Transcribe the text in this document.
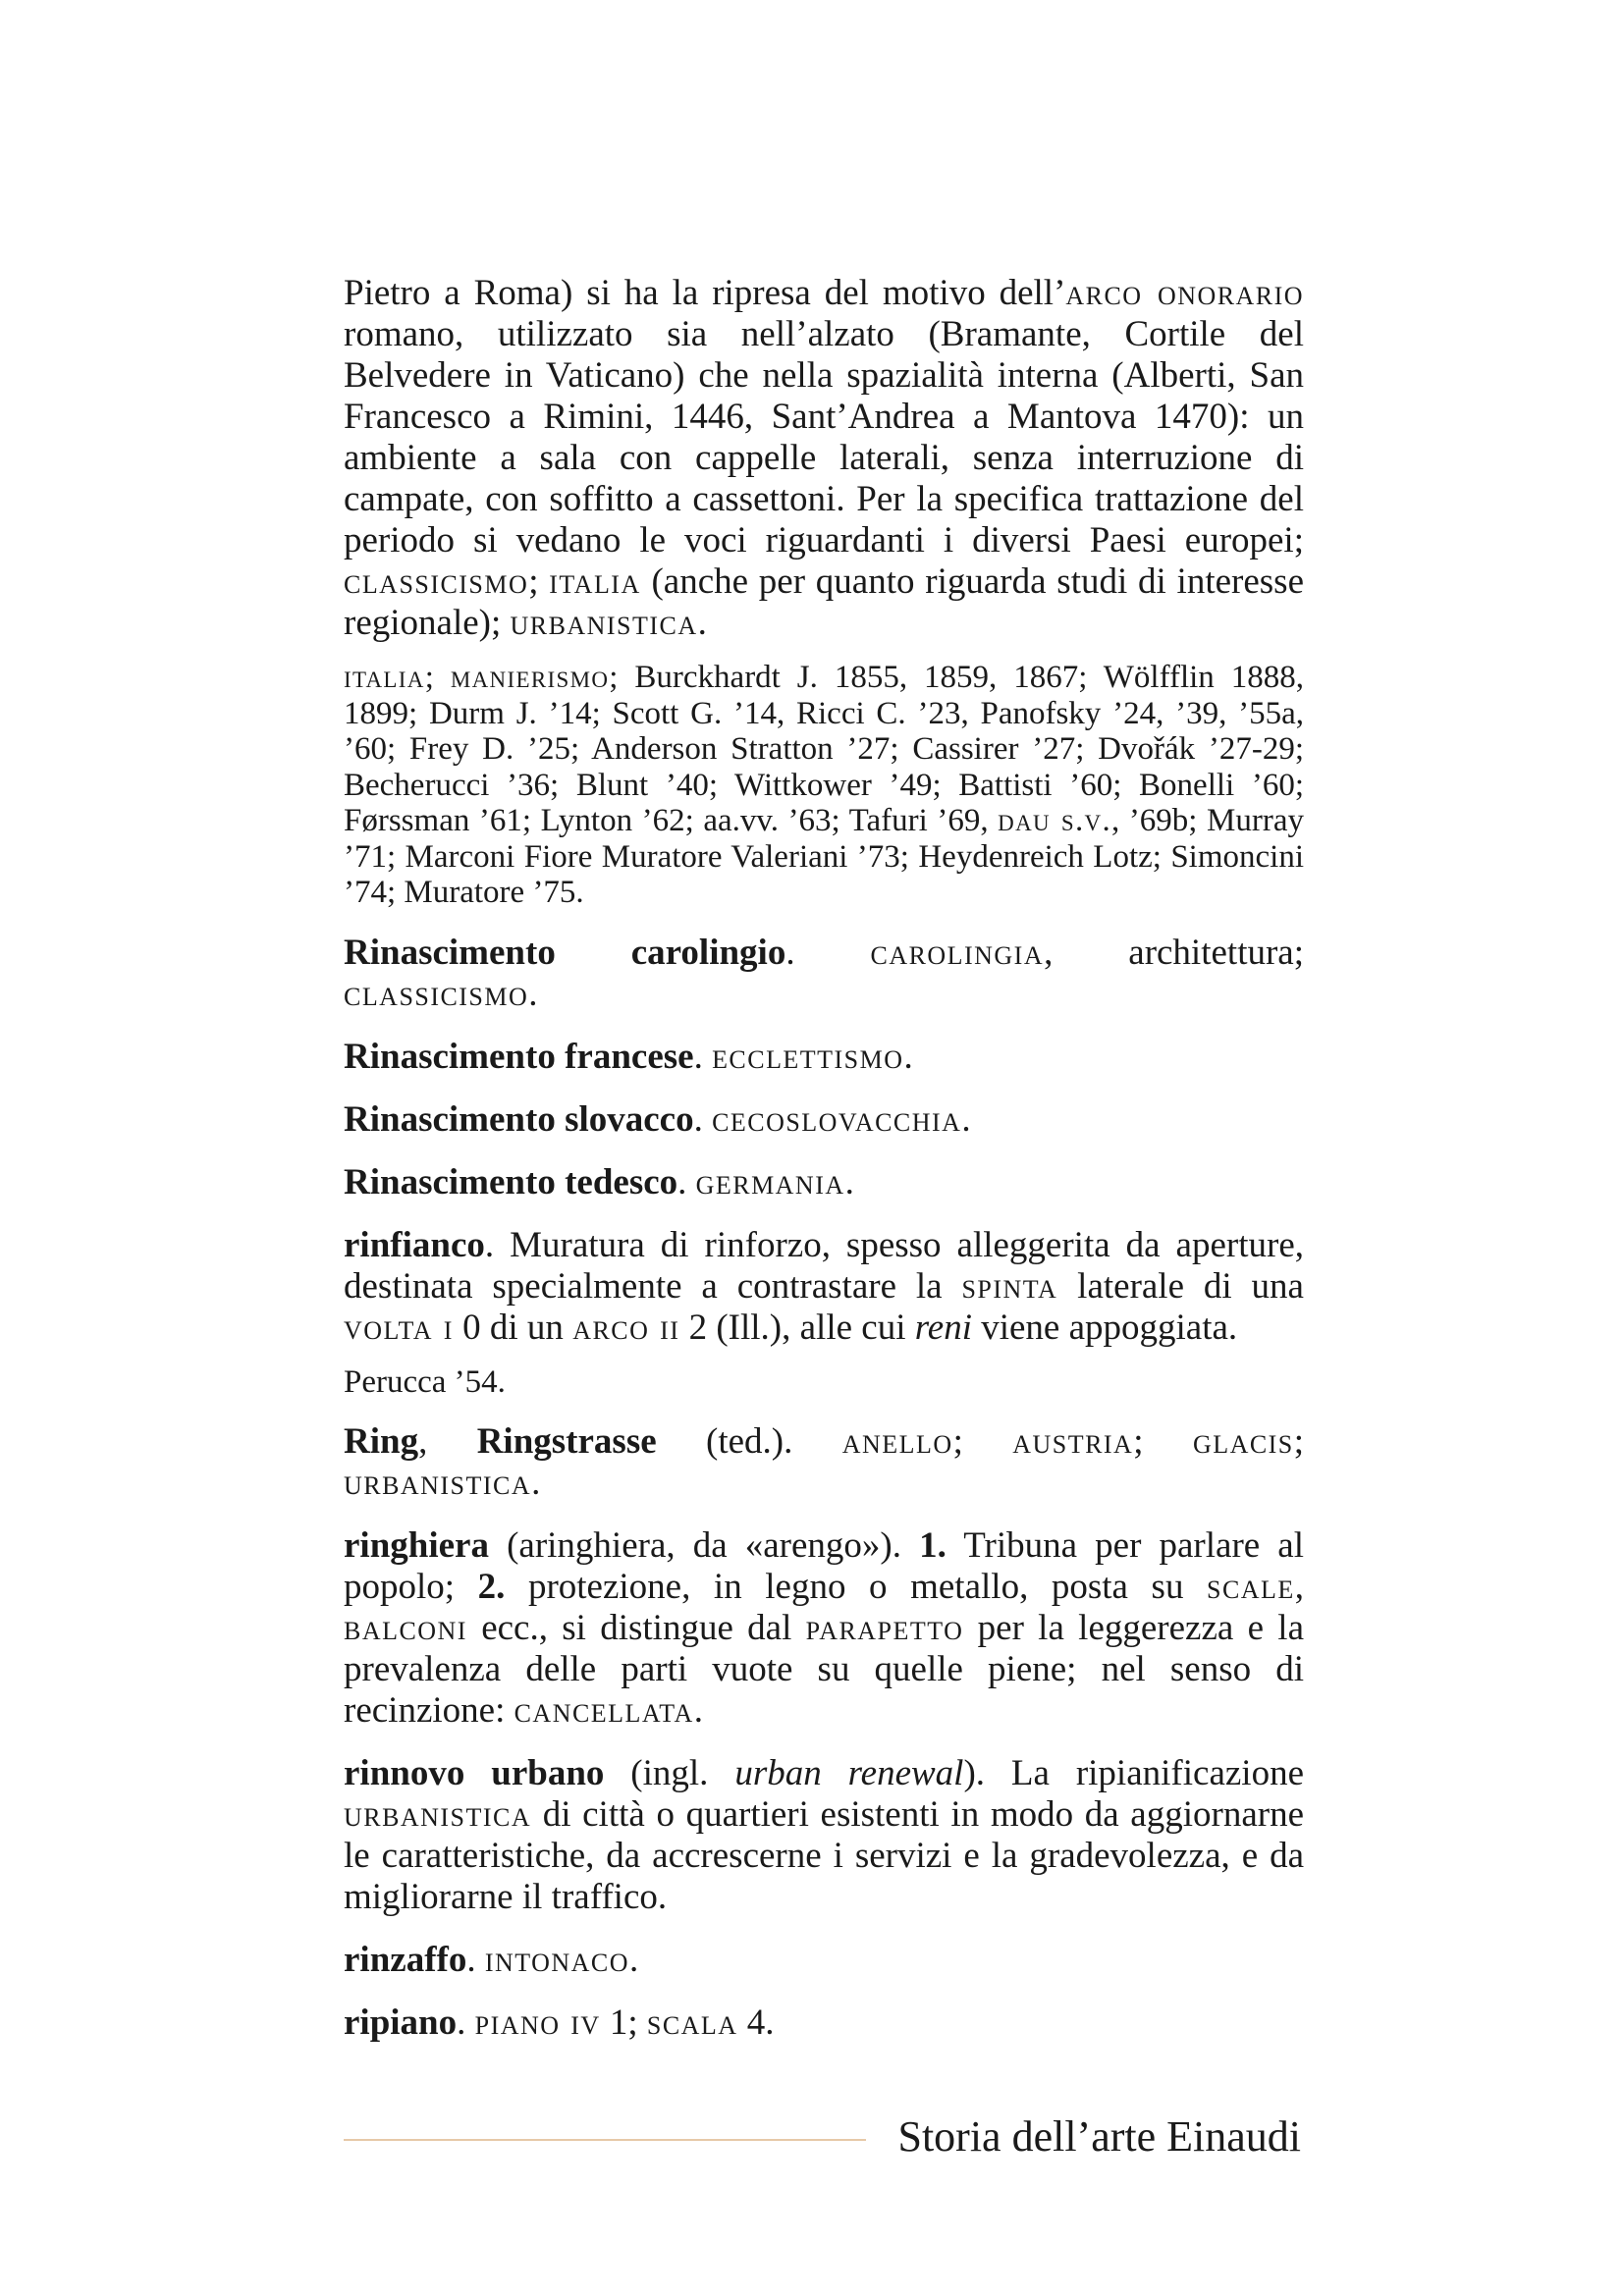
Pietro a Roma) si ha la ripresa del motivo dell’arco onorario romano, utilizzato sia nell’alzato (Bramante, Cortile del Belvedere in Vaticano) che nella spazialità interna (Alberti, San Francesco a Rimini, 1446, Sant’Andrea a Mantova 1470): un ambiente a sala con cappelle laterali, senza interruzione di campate, con soffitto a cassettoni. Per la specifica trattazione del periodo si vedano le voci riguardanti i diversi Paesi europei; classicismo; italia (anche per quanto riguarda studi di interesse regionale); urbanistica.

italia; manierismo; Burckhardt J. 1855, 1859, 1867; Wölfflin 1888, 1899; Durm J. ’14; Scott G. ’14, Ricci C. ’23, Panofsky ’24, ’39, ’55a, ’60; Frey D. ’25; Anderson Stratton ’27; Cassirer ’27; Dvořák ’27-29; Becherucci ’36; Blunt ’40; Wittkower ’49; Battisti ’60; Bonelli ’60; Førssman ’61; Lynton ’62; aa.vv. ’63; Tafuri ’69, dau s.v., ’69b; Murray ’71; Marconi Fiore Muratore Valeriani ’73; Heydenreich Lotz; Simoncini ’74; Muratore ’75.

Rinascimento carolingio. carolingia, architettura; classicismo.

Rinascimento francese. ecclettismo.

Rinascimento slovacco. cecoslovacchia.

Rinascimento tedesco. germania.

rinfianco. Muratura di rinforzo, spesso alleggerita da aperture, destinata specialmente a contrastare la spinta laterale di una volta i 0 di un arco ii 2 (Ill.), alle cui reni viene appoggiata.

Perucca ’54.

Ring, Ringstrasse (ted.). anello; austria; glacis; urbanistica.

ringhiera (aringhiera, da «arengo»). 1. Tribuna per parlare al popolo; 2. protezione, in legno o metallo, posta su scale, balconi ecc., si distingue dal parapetto per la leggerezza e la prevalenza delle parti vuote su quelle piene; nel senso di recinzione: cancellata.

rinnovo urbano (ingl. urban renewal). La ripianificazione urbanistica di città o quartieri esistenti in modo da aggiornarne le caratteristiche, da accrescerne i servizi e la gradevolezza, e da migliorarne il traffico.

rinzaffo. intonaco.

ripiano. piano iv 1; scala 4.

Storia dell’arte Einaudi
